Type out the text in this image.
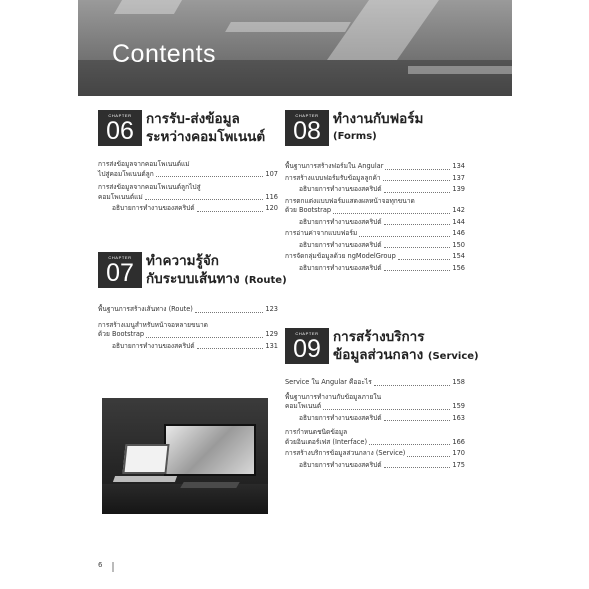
Contents
CHAPTER
06 การรับ-ส่งข้อมูล
ระหว่างคอมโพเนนต์
การส่งข้อมูลจากคอมโพเนนต์แม่
ไปสู่คอมโพเนนต์ลูก	107
การส่งข้อมูลจากคอมโพเนนต์ลูกไปสู่
คอมโพเนนต์แม่	116
อธิบายการทำงานของสคริปต์	120
CHAPTER
07 ทำความรู้จัก
กับระบบเส้นทาง (Route)
พื้นฐานการสร้างเส้นทาง (Route)	123
การสร้างเมนูสำหรับหน้าจอหลายขนาด
ด้วย Bootstrap	129
อธิบายการทำงานของสคริปต์	131
CHAPTER
08 ทำงานกับฟอร์ม
(Forms)
พื้นฐานการสร้างฟอร์มใน Angular	134
การสร้างแบบฟอร์มรับข้อมูลลูกค้า	137
อธิบายการทำงานของสคริปต์	139
การตกแต่งแบบฟอร์มแสดงผลหน้าจอทุกขนาด
ด้วย Bootstrap	142
อธิบายการทำงานของสคริปต์	144
การอ่านค่าจากแบบฟอร์ม	146
อธิบายการทำงานของสคริปต์	150
การจัดกลุ่มข้อมูลด้วย ngModelGroup	154
อธิบายการทำงานของสคริปต์	156
CHAPTER
09 การสร้างบริการ
ข้อมูลส่วนกลาง (Service)
Service ใน Angular คืออะไร	158
พื้นฐานการทำงานกับข้อมูลภายใน
คอมโพเนนต์	159
อธิบายการทำงานของสคริปต์	163
การกำหนดชนิดข้อมูล
ด้วยอินเตอร์เฟส (Interface)	166
การสร้างบริการข้อมูลส่วนกลาง (Service)	170
อธิบายการทำงานของสคริปต์	175
6
